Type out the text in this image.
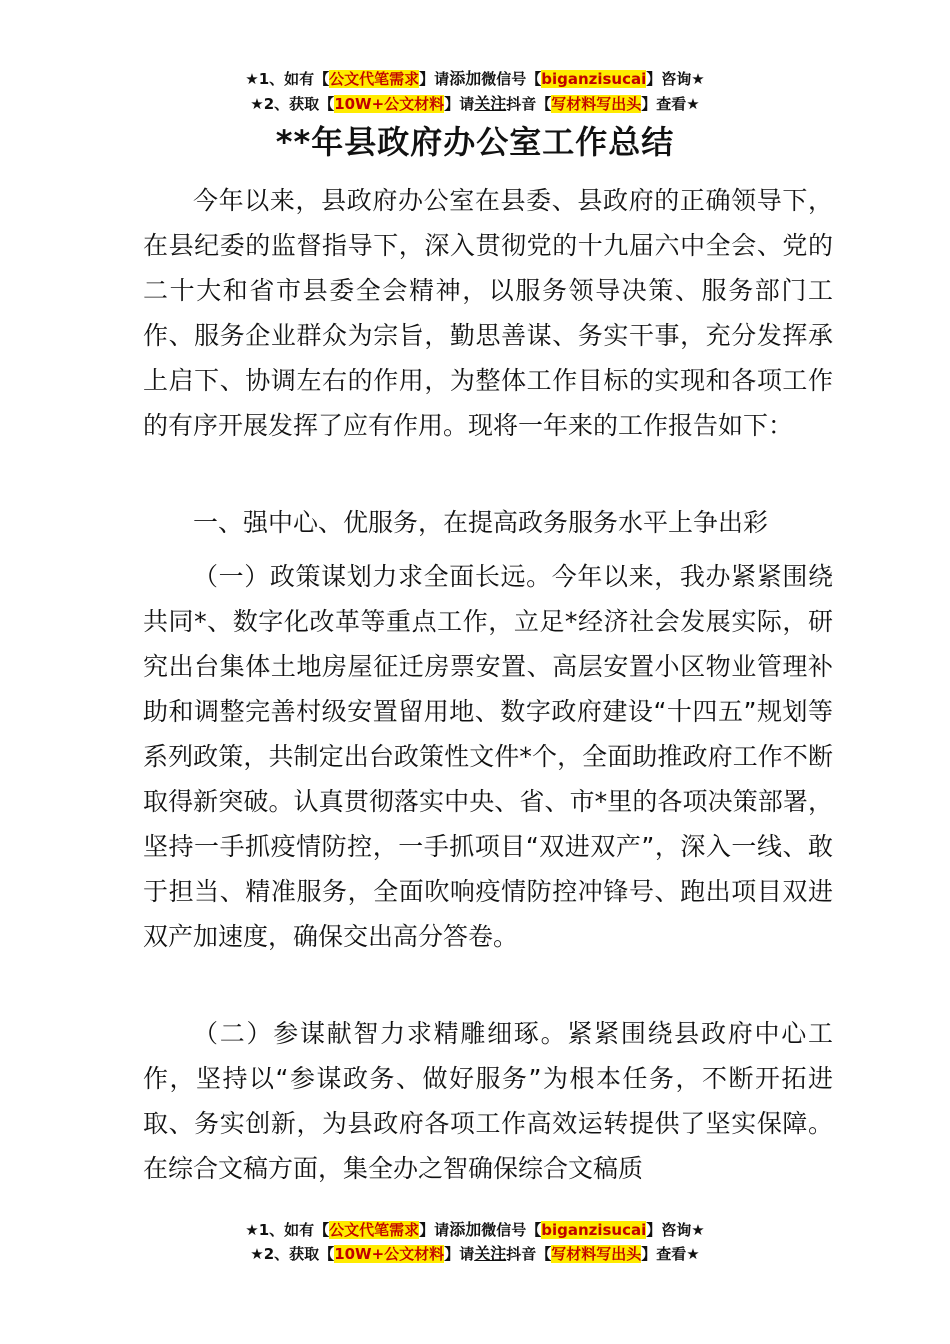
★1、如有【公文代笔需求】请添加微信号【biganzisucai】咨询★
★2、获取【10W+公文材料】请关注抖音【写材料写出头】查看★
**年县政府办公室工作总结
今年以来，县政府办公室在县委、县政府的正确领导下，在县纪委的监督指导下，深入贯彻党的十九届六中全会、党的二十大和省市县委全会精神，以服务领导决策、服务部门工作、服务企业群众为宗旨，勤思善谋、务实干事，充分发挥承上启下、协调左右的作用，为整体工作目标的实现和各项工作的有序开展发挥了应有作用。现将一年来的工作报告如下：
一、强中心、优服务，在提高政务服务水平上争出彩
（一）政策谋划力求全面长远。今年以来，我办紧紧围绕共同*、数字化改革等重点工作，立足*经济社会发展实际，研究出台集体土地房屋征迁房票安置、高层安置小区物业管理补助和调整完善村级安置留用地、数字政府建设“十四五”规划等系列政策，共制定出台政策性文件*个，全面助推政府工作不断取得新突破。认真贯彻落实中央、省、市*里的各项决策部署，坚持一手抓疫情防控，一手抓项目“双进双产”，深入一线、敢于担当、精准服务，全面吹响疫情防控冲锋号、跑出项目双进双产加速度，确保交出高分答卷。
（二）参谋献智力求精雕细琢。紧紧围绕县政府中心工作，坚持以“参谋政务、做好服务”为根本任务，不断开拓进取、务实创新，为县政府各项工作高效运转提供了坚实保障。在综合文稿方面，集全办之智确保综合文稿质
★1、如有【公文代笔需求】请添加微信号【biganzisucai】咨询★
★2、获取【10W+公文材料】请关注抖音【写材料写出头】查看★
